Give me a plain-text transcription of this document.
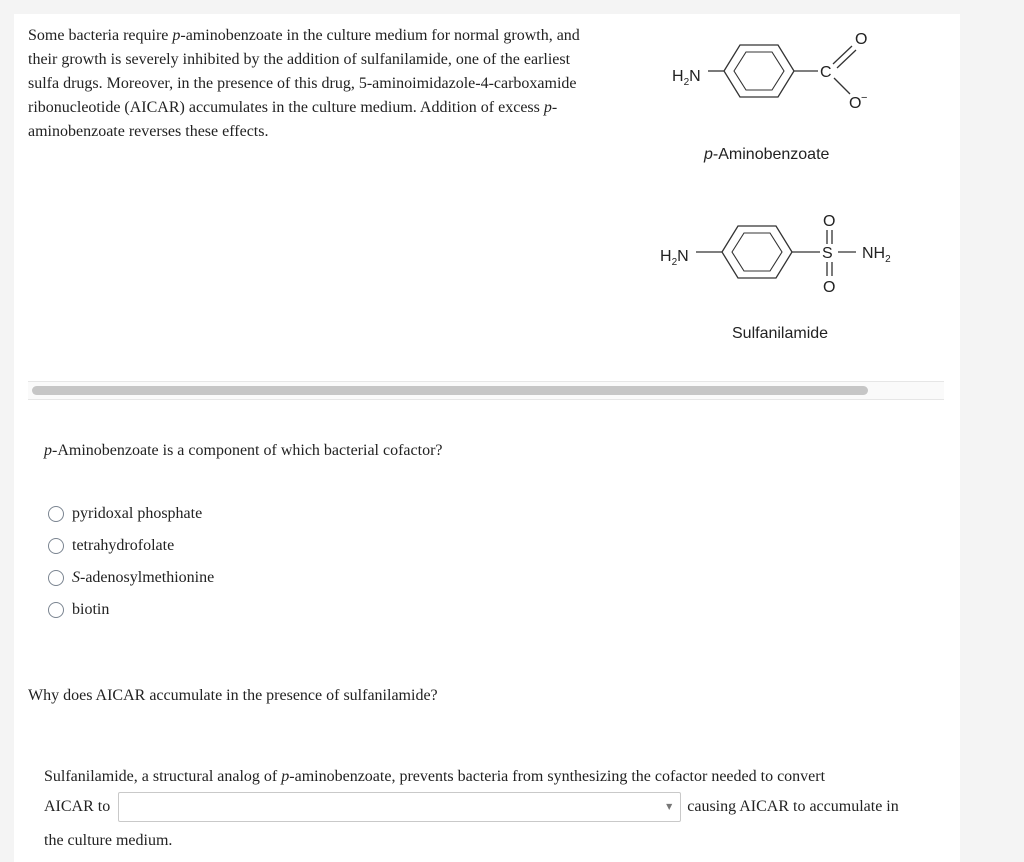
Some bacteria require p-aminobenzoate in the culture medium for normal growth, and their growth is severely inhibited by the addition of sulfanilamide, one of the earliest sulfa drugs. Moreover, in the presence of this drug, 5-aminoimidazole-4-carboxamide ribonucleotide (AICAR) accumulates in the culture medium. Addition of excess p-aminobenzoate reverses these effects.

$H_2N$	C
O
O −
p-Aminobenzoate
$H_2N$	S
O
O
$NH_2$
Sulfanilamide
p-Aminobenzoate is a component of which bacterial cofactor?
pyridoxal phosphate
tetrahydrofolate
S-adenosylmethionine
biotin
Why does AICAR accumulate in the presence of sulfanilamide?
Sulfanilamide, a structural analog of p-aminobenzoate, prevents bacteria from synthesizing the cofactor needed to convert
AICAR to	▼ causing AICAR to accumulate in
the culture medium.
